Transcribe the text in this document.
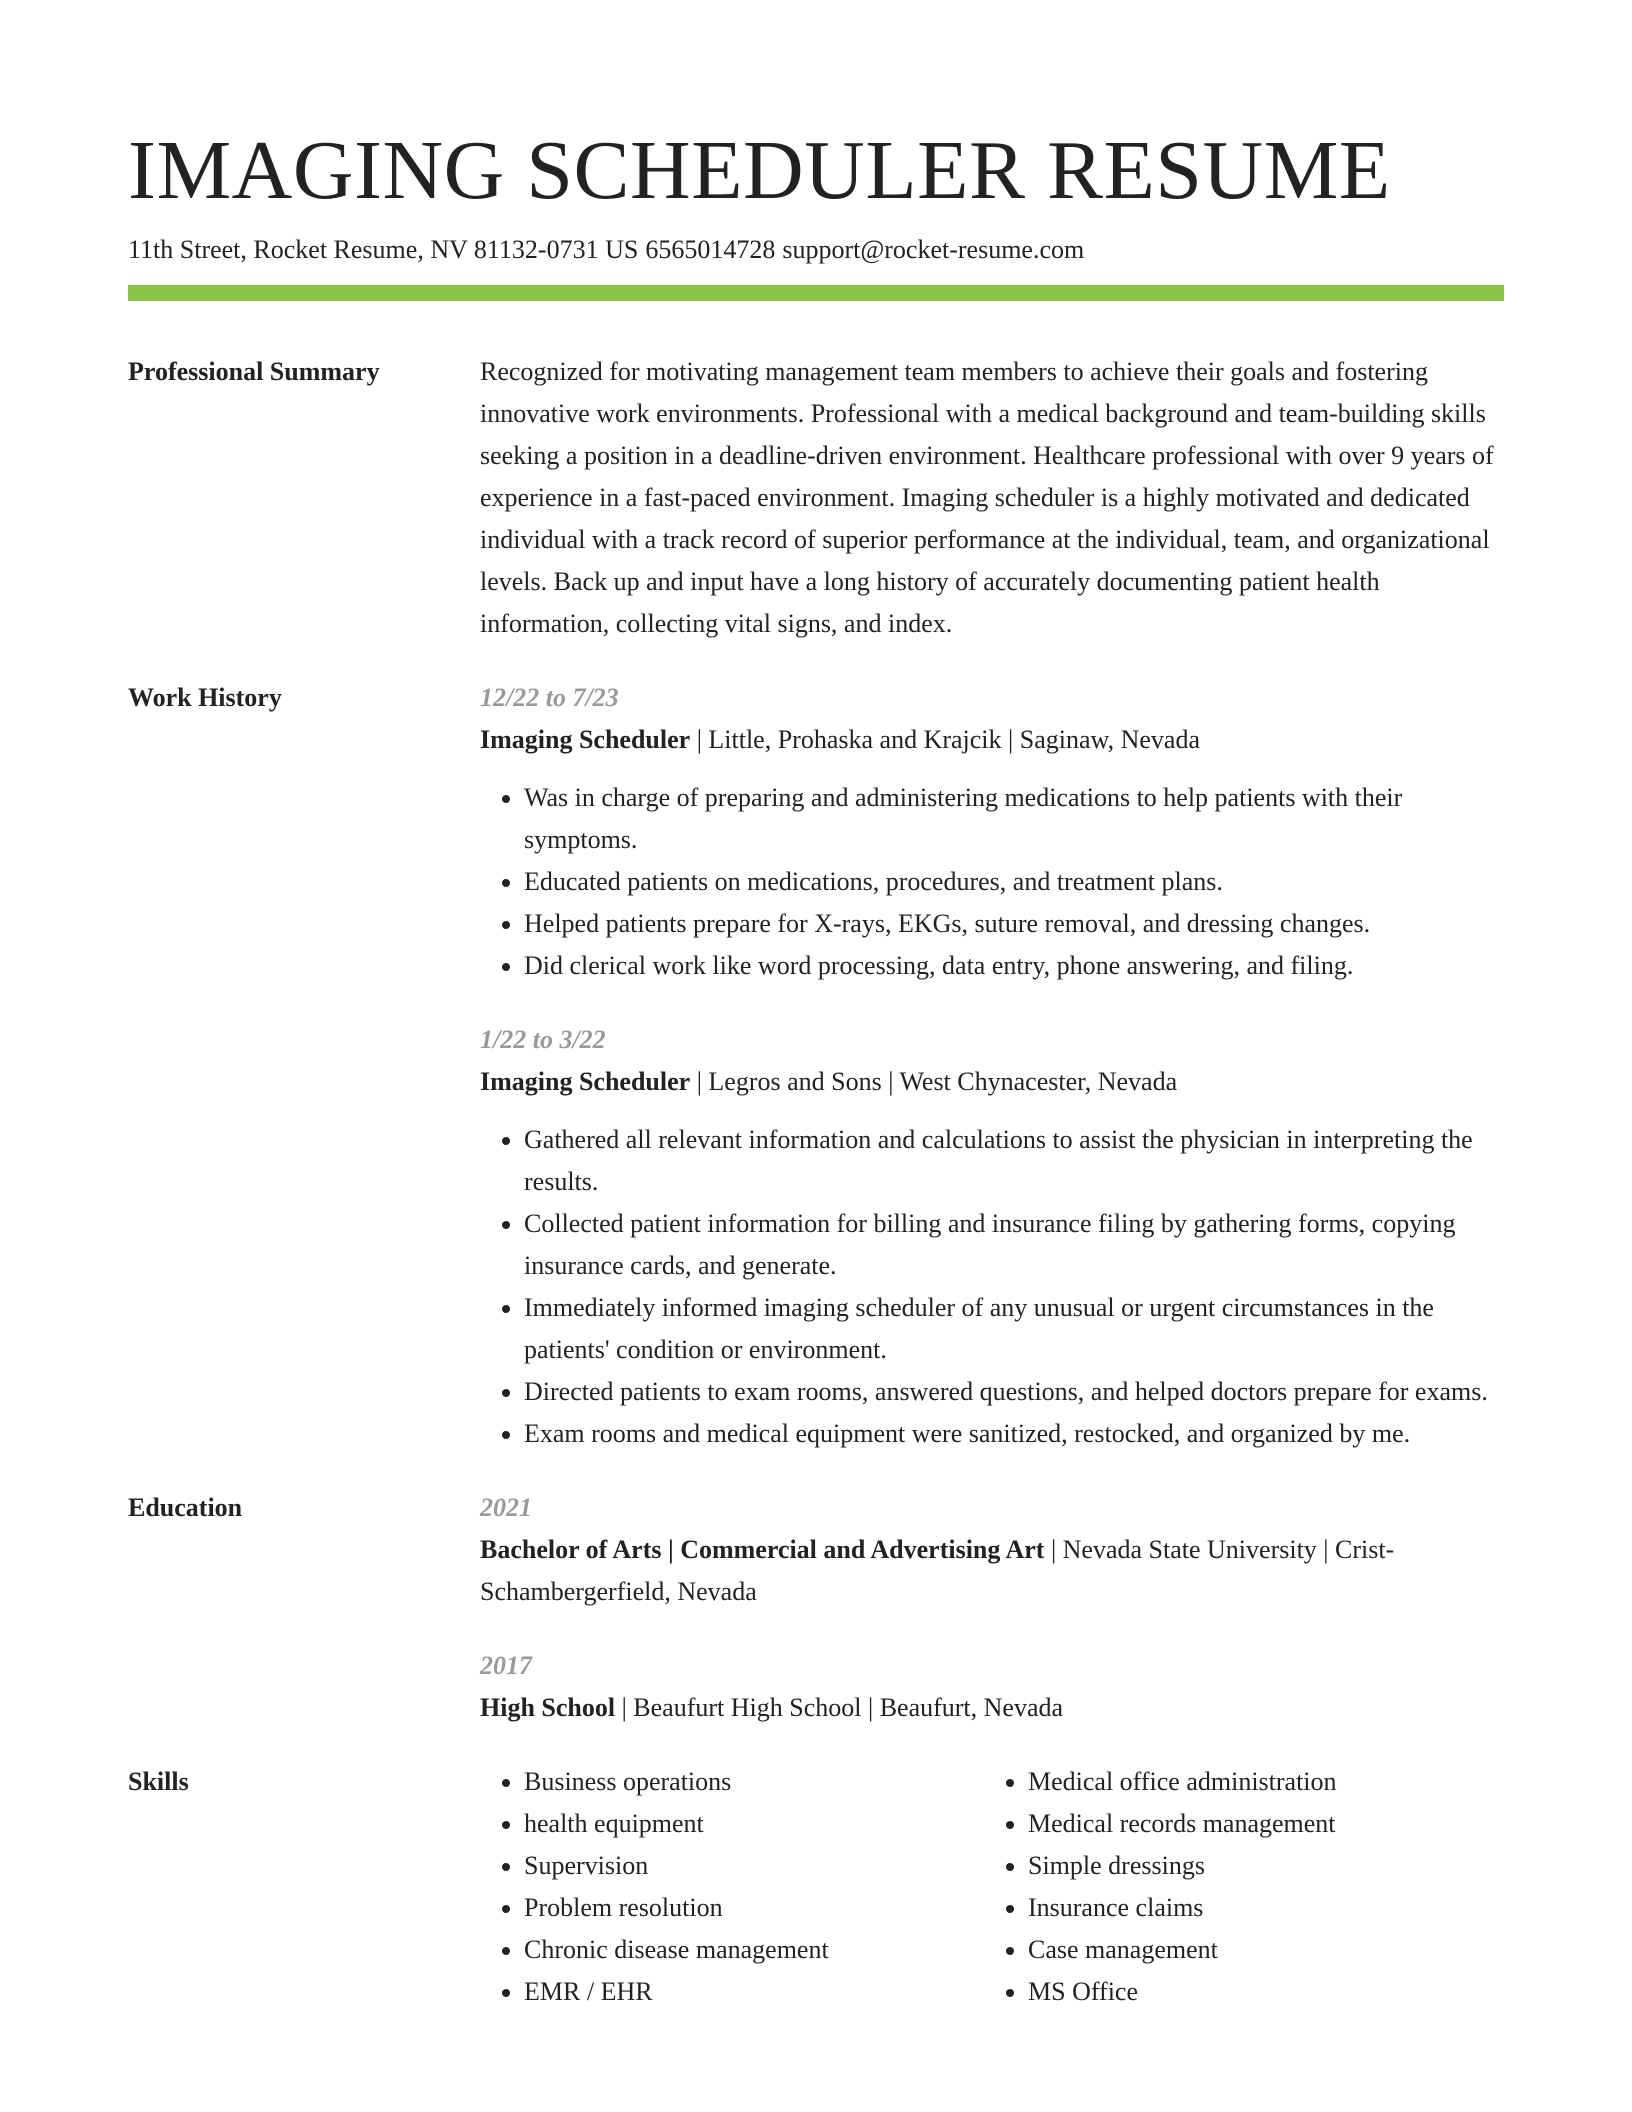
IMAGING SCHEDULER RESUME
11th Street, Rocket Resume, NV 81132-0731 US 6565014728 support@rocket-resume.com
Professional Summary	Recognized for motivating management team members to achieve their goals and fostering innovative work environments. Professional with a medical background and team-building skills seeking a position in a deadline-driven environment. Healthcare professional with over 9 years of experience in a fast-paced environment. Imaging scheduler is a highly motivated and dedicated individual with a track record of superior performance at the individual, team, and organizational levels. Back up and input have a long history of accurately documenting patient health information, collecting vital signs, and index.
Work History	12/22 to 7/23
Imaging Scheduler | Little, Prohaska and Krajcik | Saginaw, Nevada
• Was in charge of preparing and administering medications to help patients with their symptoms.
• Educated patients on medications, procedures, and treatment plans.
• Helped patients prepare for X-rays, EKGs, suture removal, and dressing changes.
• Did clerical work like word processing, data entry, phone answering, and filing.
1/22 to 3/22
Imaging Scheduler | Legros and Sons | West Chynacester, Nevada
• Gathered all relevant information and calculations to assist the physician in interpreting the results.
• Collected patient information for billing and insurance filing by gathering forms, copying insurance cards, and generate.
• Immediately informed imaging scheduler of any unusual or urgent circumstances in the patients' condition or environment.
• Directed patients to exam rooms, answered questions, and helped doctors prepare for exams.
• Exam rooms and medical equipment were sanitized, restocked, and organized by me.
Education	2021
Bachelor of Arts | Commercial and Advertising Art | Nevada State University | Crist-Schambergerfield, Nevada
2017
High School | Beaufurt High School | Beaufurt, Nevada
Skills
•	Business operations
• health equipment
• Supervision
• Problem resolution
• Chronic disease management
• EMR / EHR
• Medical office administration
• Medical records management
• Simple dressings
• Insurance claims
• Case management
• MS Office
